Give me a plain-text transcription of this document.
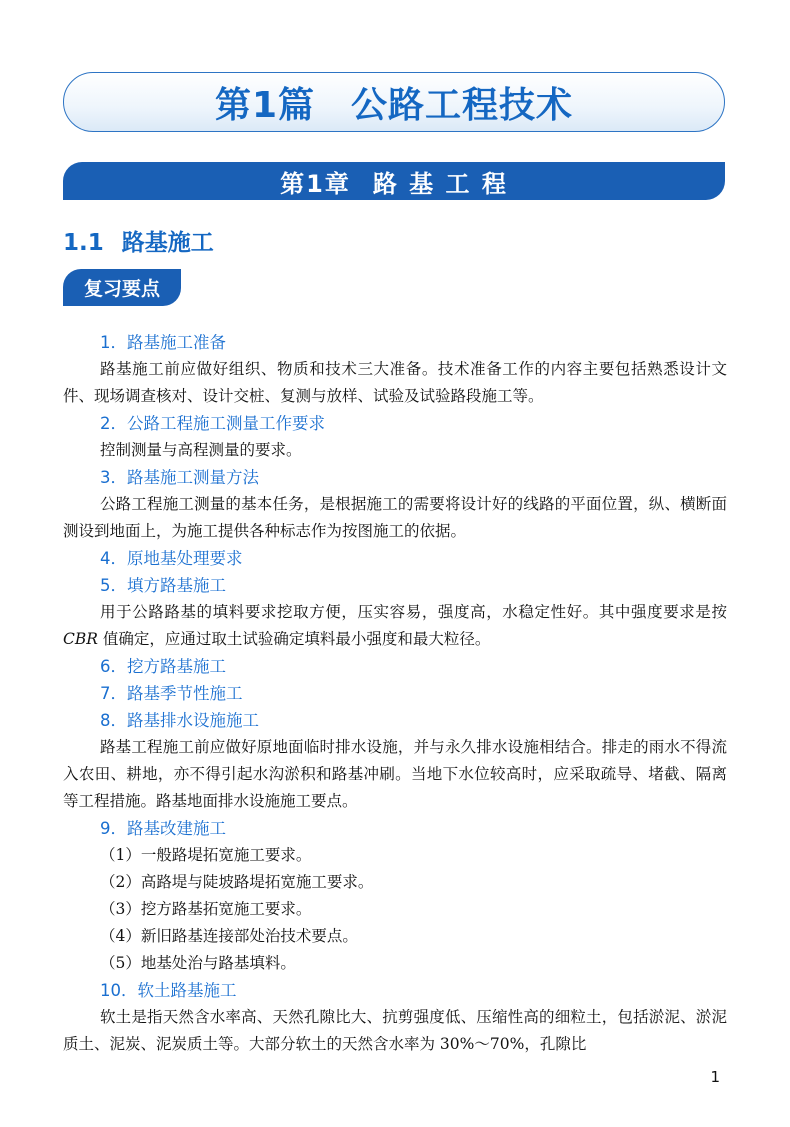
第1篇 公路工程技术
第1章 路 基 工 程
1.1 路基施工
复习要点
1．路基施工准备

路基施工前应做好组织、物质和技术三大准备。技术准备工作的内容主要包括熟悉设计文件、现场调查核对、设计交桩、复测与放样、试验及试验路段施工等。

2．公路工程施工测量工作要求

控制测量与高程测量的要求。

3．路基施工测量方法

公路工程施工测量的基本任务，是根据施工的需要将设计好的线路的平面位置，纵、横断面测设到地面上，为施工提供各种标志作为按图施工的依据。

4．原地基处理要求
5．填方路基施工

用于公路路基的填料要求挖取方便，压实容易，强度高，水稳定性好。其中强度要求是按 CBR 值确定，应通过取土试验确定填料最小强度和最大粒径。

6．挖方路基施工
7．路基季节性施工
8．路基排水设施施工

路基工程施工前应做好原地面临时排水设施，并与永久排水设施相结合。排走的雨水不得流入农田、耕地，亦不得引起水沟淤积和路基冲刷。当地下水位较高时，应采取疏导、堵截、隔离等工程措施。路基地面排水设施施工要点。

9．路基改建施工
（1）一般路堤拓宽施工要求。
（2）高路堤与陡坡路堤拓宽施工要求。
（3）挖方路基拓宽施工要求。
（4）新旧路基连接部处治技术要点。
（5）地基处治与路基填料。
10．软土路基施工

软土是指天然含水率高、天然孔隙比大、抗剪强度低、压缩性高的细粒土，包括淤泥、淤泥质土、泥炭、泥炭质土等。大部分软土的天然含水率为 30%～70%，孔隙比

1
